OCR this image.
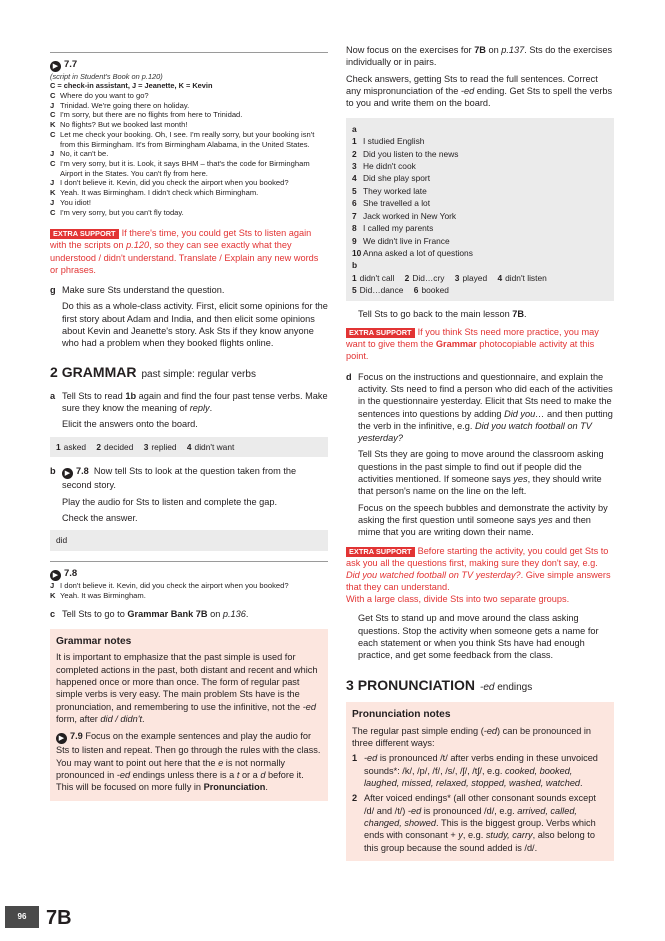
▶ 7.7
(script in Student's Book on p.120)
C = check-in assistant, J = Jeanette, K = Kevin
C Where do you want to go?
J Trinidad. We're going there on holiday.
C I'm sorry, but there are no flights from here to Trinidad.
K No flights? But we booked last month!
C Let me check your booking. Oh, I see. I'm really sorry, but your booking isn't from this Birmingham. It's from Birmingham Alabama, in the United States.
J No, it can't be.
C I'm very sorry, but it is. Look, it says BHM – that's the code for Birmingham Airport in the States. You can't fly from here.
J I don't believe it. Kevin, did you check the airport when you booked?
K Yeah. It was Birmingham. I didn't check which Birmingham.
J You idiot!
C I'm very sorry, but you can't fly today.
EXTRA SUPPORT If there's time, you could get Sts to listen again with the scripts on p.120, so they can see exactly what they understood / didn't understand. Translate / Explain any new words or phrases.
g Make sure Sts understand the question.

Do this as a whole-class activity. First, elicit some opinions for the first story about Adam and India, and then elicit some opinions about Kevin and Jeanette's story. Ask Sts if they know anyone who had a problem when they booked flights online.

2 GRAMMAR past simple: regular verbs
a Tell Sts to read 1b again and find the four past tense verbs. Make sure they know the meaning of reply.

Elicit the answers onto the board.

1 asked 2 decided 3 replied 4 didn't want
b	▶ 7.8 Now tell Sts to look at the question taken from the second story.

Play the audio for Sts to listen and complete the gap.

Check the answer.

did
▶ 7.8
J I don't believe it. Kevin, did you check the airport when you booked?
K Yeah. It was Birmingham.
c Tell Sts to go to Grammar Bank 7B on p.136.

Grammar notes

It is important to emphasize that the past simple is used for completed actions in the past, both distant and recent and which happened once or more than once. The form of regular past simple verbs is very easy. The main problem Sts have is the pronunciation, and remembering to use the infinitive, not the -ed form, after did / didn't.

▶ 7.9 Focus on the example sentences and play the audio for Sts to listen and repeat. Then go through the rules with the class. You may want to point out here that the e is not normally pronounced in -ed endings unless there is a t or a d before it. This will be focused on more fully in Pronunciation.

Now focus on the exercises for 7B on p.137. Sts do the exercises individually or in pairs.

Check answers, getting Sts to read the full sentences. Correct any mispronunciation of the -ed ending. Get Sts to spell the verbs to you and write them on the board.

a
1 I studied English
2 Did you listen to the news
3 He didn't cook
4 Did she play sport
5 They worked late
6 She travelled a lot
7 Jack worked in New York
8 I called my parents
9 We didn't live in France
10 Anna asked a lot of questions
b
1 didn't call 2 Did…cry 3 played 4 didn't listen
5 Did…dance 6 booked

Tell Sts to go back to the main lesson 7B.

EXTRA SUPPORT If you think Sts need more practice, you may want to give them the Grammar photocopiable activity at this point.
d Focus on the instructions and questionnaire, and explain the activity. Sts need to find a person who did each of the activities in the questionnaire yesterday. Elicit that Sts need to make the sentences into questions by adding Did you… and then putting the verb in the infinitive, e.g. Did you watch football on TV yesterday?

Tell Sts they are going to move around the classroom asking questions in the past simple to find out if people did the activities mentioned. If someone says yes, they should write that person's name on the line on the left.

Focus on the speech bubbles and demonstrate the activity by asking the first question until someone says yes and then mime that you are writing down their name.

EXTRA SUPPORT Before starting the activity, you could get Sts to ask you all the questions first, making sure they don't say, e.g. Did you watched football on TV yesterday?. Give simple answers that they can understand.
With a large class, divide Sts into two separate groups.

Get Sts to stand up and move around the class asking questions. Stop the activity when someone gets a name for each statement or when you think Sts have had enough practice, and get some feedback from the class.

3 PRONUNCIATION -ed endings
Pronunciation notes

The regular past simple ending (-ed) can be pronounced in three different ways:

1 -ed is pronounced /t/ after verbs ending in these unvoiced sounds*: /k/, /p/, /f/, /s/, /ʃ/, /tʃ/, e.g. cooked, booked, laughed, missed, relaxed, stopped, washed, watched.
2 After voiced endings* (all other consonant sounds except /d/ and /t/) -ed is pronounced /d/, e.g. arrived, called, changed, showed. This is the biggest group. Verbs which ends with consonant + y, e.g. study, carry, also belong to this group because the sound added is /d/.
96 7B
